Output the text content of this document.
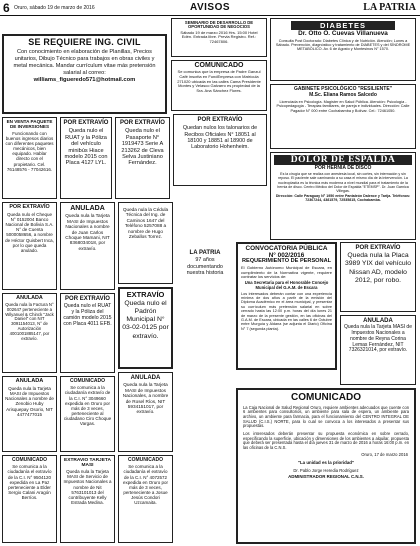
6 Oruro, sábado 19 de marzo de 2016	AVISOS	LA PATRIA
SE REQUIERE ING. CIVIL
Con conocimiento en elaboración de Planillas, Precios unitarios, Dibujo Técnico para trabajos en obras civiles y metal mecánica. Mandar currículum vitae más pretensión salarial al correo:
williams_figueredo571@hotmail.com
SEMINARIO DE DESARROLLO DE OPORTUNIDAD DE NEGOCIOS
Sábado 19 de marzo 2016 Hrs. 15:00 Hotel Edén. Entrada libre. Previa Registro. Ref.: 72467806.
COMUNICADO
Se comunica que la empresa de Padre Ganzul Café inscrita en FundEmpresa con Matrícula 271020 ubicada en las calles Cama Presidente Montes y Velasco Galvarro es propiedad de la Sra. Ana Sánchez Flores.
DIABETES
Dr. Otto O. Cuevas Villanueva
Consulta Post Doctorado: Diabetes Clínica y de Nutrición. Atención: Lunes a Sábado. Prevención, diagnóstico y tratamiento de DIABETES y del SÍNDROME METABÓLICO. Av. 6 de Agosto y Montesinos N° 1570.
GABINETE PSICOLÓGICO "RESILIENTE"
M.Sc. Eliana Ramos Salcedo
Licenciada en Psicología. Magíster en Salud Pública. Atención: Psicología - Psicopedagogía - Terapias familiares, de pareja e individuales. Dirección: Calle Pagador N° 000 entre Cochabamba y Bolívar. Cel.: 72461050.
EN VENTA PAQUETE DE INVERSIONES
Funcionando con buenos ingresos diarios con diferentes paquetes mecánicos, bien equipado. Hablar directo con el propietario. Cel. 76148576 - 77042616.
POR EXTRAVÍO
Queda nulo el RUAT y la Póliza del vehículo minibús Hiace modelo 2015 con Placa 4127 LYL.
POR EXTRAVÍO
Queda nulo el Pasaporte N° 1919473 Serie A 213262 de Cleva Selva Justiniano Fernández.
POR EXTRAVÍO
Quedan nulos los talonarios de Recibos Oficiales N° 18051 al 18100 y 18851 al 18900 de Laboratorio Hohenheim.
DOLOR DE ESPALDA
POR HERNIA DE DISCO
Es la cirugía que se realiza con anestesia local, sin cortes, sin internación y sin reposo. El paciente sale caminando a su casa el mismo día de la intervención. La nucleoplastía es la técnica más moderna a nivel mundial para el tratamiento de la hernia de disco. Centro Médico del Dolor de Espalda "ETEMSP". Dr. Juan Garnica Villegas.
Dirección: Calle Paraguay N° 1950 entre Pantaleón Dalence y Tarija. Teléfonos: 72367244, 4381579, 72535815, Cochabamba.
POR EXTRAVÍO
Queda nulo el Cheque N° 0152004 Banco Nacional de Bolivia S.A. N° de Cuenta 5000058656, a nombre de Héctor Quisbert Inca, por lo que queda anulado.
ANULADA
Queda nula la Tarjeta MASI de Impuestos Nacionales a nombre de Juan Carlos Choque Mamani, NIT 8368034018, por extravío.
Queda nula la Cédula Técnica del Ing. de Caminos 1647 del Teléfono 5257088 a nombre de Hugo Zeballos Torrez.
LA PATRIA
97 años documentando nuestra historia
POR EXTRAVÍO
Queda nula la Placa 3989 YIX del vehículo Nissan AD, modelo 2012, por robo.
CONVOCATORIA PÚBLICA
N° 002/2016
REQUERIMIENTO DE PERSONAL
El Gobierno Autónomo Municipal de Escara, en cumplimiento de la Normativa vigente, requiere contratar los servicios de:
Una Secretaria para el Honorable Concejo Municipal del G.A.M. de Escara
Los interesados deberán contar con una experiencia mínima de dos años a partir de la emisión del Diploma Académico en el área municipal, y presentar su currículum más pretensión salarial en sobre cerrado hasta las 12:00 p.m. horas del día lunes 21 de marzo de la presente gestión, en las oficinas del G.A.M. de Escara, ubicada en las calles 6 de Octubre entre Murguía y Aldana (se adjunta el Diario) Oficina N° 7 (segunda planta).
ANULADA
Queda nula la Factura N° 002647 perteneciente a Wilyanuel & Chinck "Jack Daniel" con NIT 3091154013, N° de Autorización 4001001885147, por extravío.
POR EXTRAVÍO
Queda nulo el RUAT y la Póliza del camión modelo 2015 con Placa 4011 EFB.
EXTRAVÍO
Queda nulo el Padrón Municipal N° 03-02-0125 por extravío.
ANULADA
Queda nula la Tarjeta MASI de Impuestos Nacionales a nombre de Reyna Corina Lemas Fernández, NIT 7326321014, por extravío.
ANULADA
Queda nula la Tarjeta MASI de Impuestos Nacionales a nombre de Zenobio Huby Arisquepay Osorio, NIT 4477477015
COMUNICADO
Se comunica a la ciudadanía extravío de la C.I. N° 3049660 expedida en Oruro por más de 3 veces, perteneciente al ciudadano Ciro Choque Vargas.
ANULADA
Queda nula la Tarjeta MASI de Impuestos Nacionales, a nombre de Rosel Ríos, NIT 5934151017, por extravío.
COMUNICADO
La Caja Nacional de Salud Regional Oruro, requiere ambientes adecuados que cuente con 6 ambientes para consultorios, un ambiente para sala de espera, un ambiente para archivo, un ambiente para farmacia, para el funcionamiento del CENTRO INTEGRAL DE SALUD (C.I.S.) NORTE, para lo cual se convoca a los interesados a presentar sus propuestas.
Los interesados deberán presentar su propuesta económica en sobre cerrado, especificando la superficie, ubicación y dimensiones de los ambientes a alquilar, propuesta que deberá ser presentada hasta el día jueves 31 de marzo de 2016 a horas 16:00 p.m. en las oficinas de la C.N.S.
Oruro, 17 de marzo 2016
"La unidad es la prioridad"
Dr. Pablo Jorge Heredia Rodríguez
ADMINISTRADOR REGIONAL C.N.S.
COMUNICADO
Se comunica a la ciudadanía el extravío de la C.I. N° 9504120 expedida en La Paz perteneciente a Elder Sergio Calani Aragón Berríos.
EXTRAVIO TARJETA MASI
Queda nula la Tarjeta MASI de Servicio de Impuestos Nacionales a nombre de Nit 5763101013 del contribuyente Kelly Estrada Medina.
COMUNICADO
Se comunica a la ciudadanía el extravío de la C.I. N° 4072572 expedida en Oruro por más de 3 veces, perteneciente a Josue Jesús Condori Uzcamaita.
